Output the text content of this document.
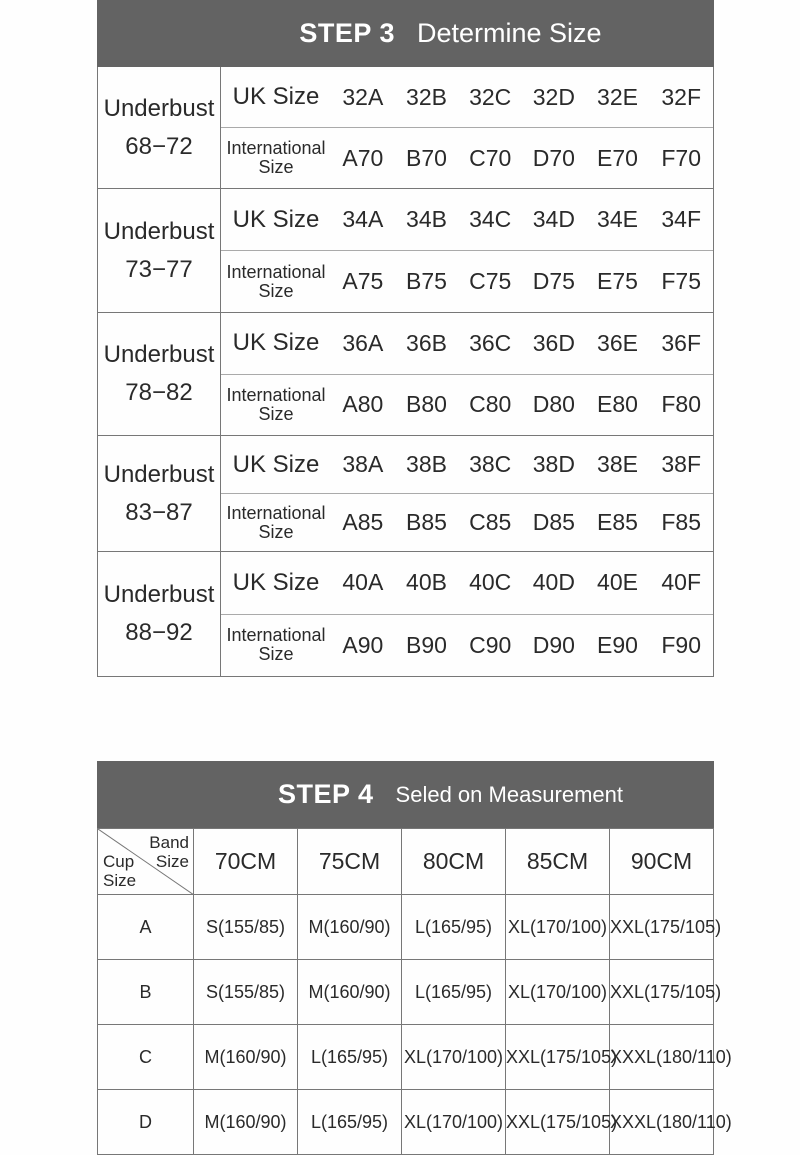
STEP 3 Determine Size
Underbust
68−72
UK Size	32A 32B 32C 32D 32E	32F
International
Size	A70 B70 C70 D70 E70	F70
Underbust
73−77
UK Size	34A 34B 34C 34D 34E	34F
International
Size	A75 B75 C75 D75 E75	F75
Underbust
78−82
UK Size	36A 36B 36C 36D 36E	36F
International
Size	A80 B80 C80 D80 E80	F80
Underbust
83−87
UK Size	38A 38B 38C 38D 38E	38F
International
Size	A85 B85 C85 D85 E85	F85
Underbust
88−92
UK Size	40A 40B 40C 40D 40E	40F
International
Size	A90 B90 C90 D90 E90	F90
STEP 4 Seled on Measurement
Band
Size
Cup
Size	70CM	75CM	80CM	85CM	90CM
A	S(155/85)	M(160/90)	L(165/95)	XL(170/100)	XXL(175/105)
B	S(155/85)	M(160/90)	L(165/95)	XL(170/100)	XXL(175/105)
C	M(160/90)	L(165/95)	XL(170/100)	XXL(175/105)	XXXL(180/110)
D	M(160/90)	L(165/95)	XL(170/100)	XXL(175/105)	XXXL(180/110)
